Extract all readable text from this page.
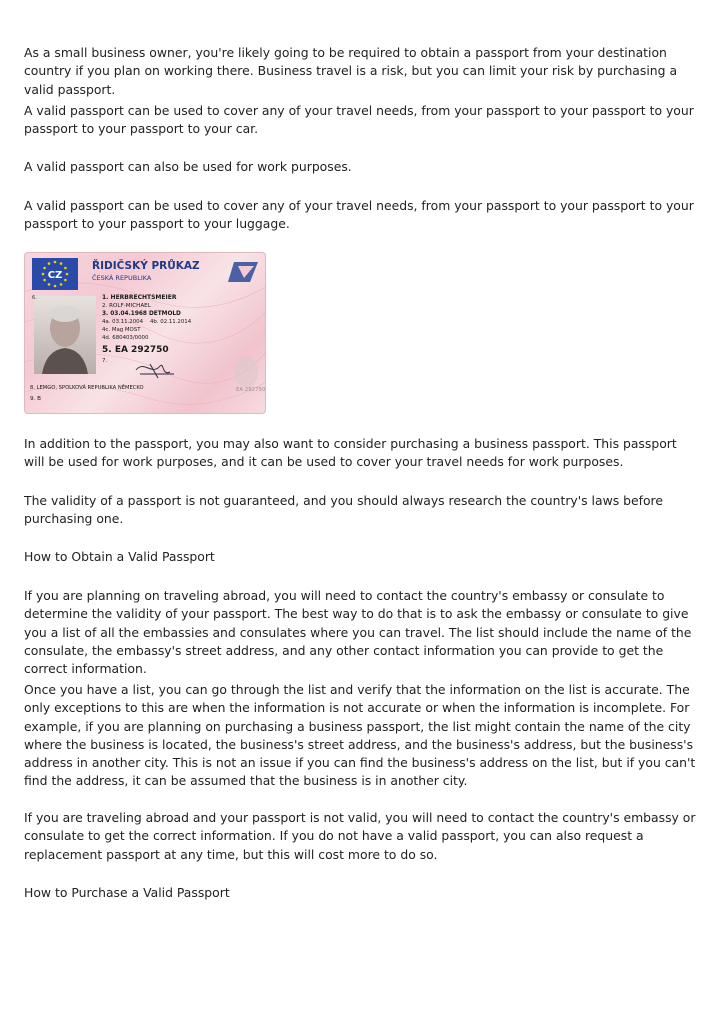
As a small business owner, you're likely going to be required to obtain a passport from your destination country if you plan on working there. Business travel is a risk, but you can limit your risk by purchasing a valid passport.

A valid passport can be used to cover any of your travel needs, from your passport to your passport to your passport to your passport to your car.

A valid passport can also be used for work purposes.

A valid passport can be used to cover any of your travel needs, from your passport to your passport to your passport to your passport to your luggage.

CZ
ŘIDIČSKÝ PRŮKAZ
ČESKÁ REPUBLIKA
6.	1. HERBRECHTSMEIER
2. ROLF-MICHAEL
3. 03.04.1968 DETMOLD
4a. 03.11.2004 4b. 02.11.2014
4c. Mag MOST
4d. 680403/0000
5. EA 292750
7.
8. LEMGO, SPOLKOVÁ REPUBLIKA NĚMECKO
9. B
EA 292750

In addition to the passport, you may also want to consider purchasing a business passport. This passport will be used for work purposes, and it can be used to cover your travel needs for work purposes.

The validity of a passport is not guaranteed, and you should always research the country's laws before purchasing one.

How to Obtain a Valid Passport

If you are planning on traveling abroad, you will need to contact the country's embassy or consulate to determine the validity of your passport. The best way to do that is to ask the embassy or consulate to give you a list of all the embassies and consulates where you can travel. The list should include the name of the consulate, the embassy's street address, and any other contact information you can provide to get the correct information.

Once you have a list, you can go through the list and verify that the information on the list is accurate. The only exceptions to this are when the information is not accurate or when the information is incomplete. For example, if you are planning on purchasing a business passport, the list might contain the name of the city where the business is located, the business's street address, and the business's address, but the business's address in another city. This is not an issue if you can find the business's address on the list, but if you can't find the address, it can be assumed that the business is in another city.

If you are traveling abroad and your passport is not valid, you will need to contact the country's embassy or consulate to get the correct information. If you do not have a valid passport, you can also request a replacement passport at any time, but this will cost more to do so.

How to Purchase a Valid Passport
